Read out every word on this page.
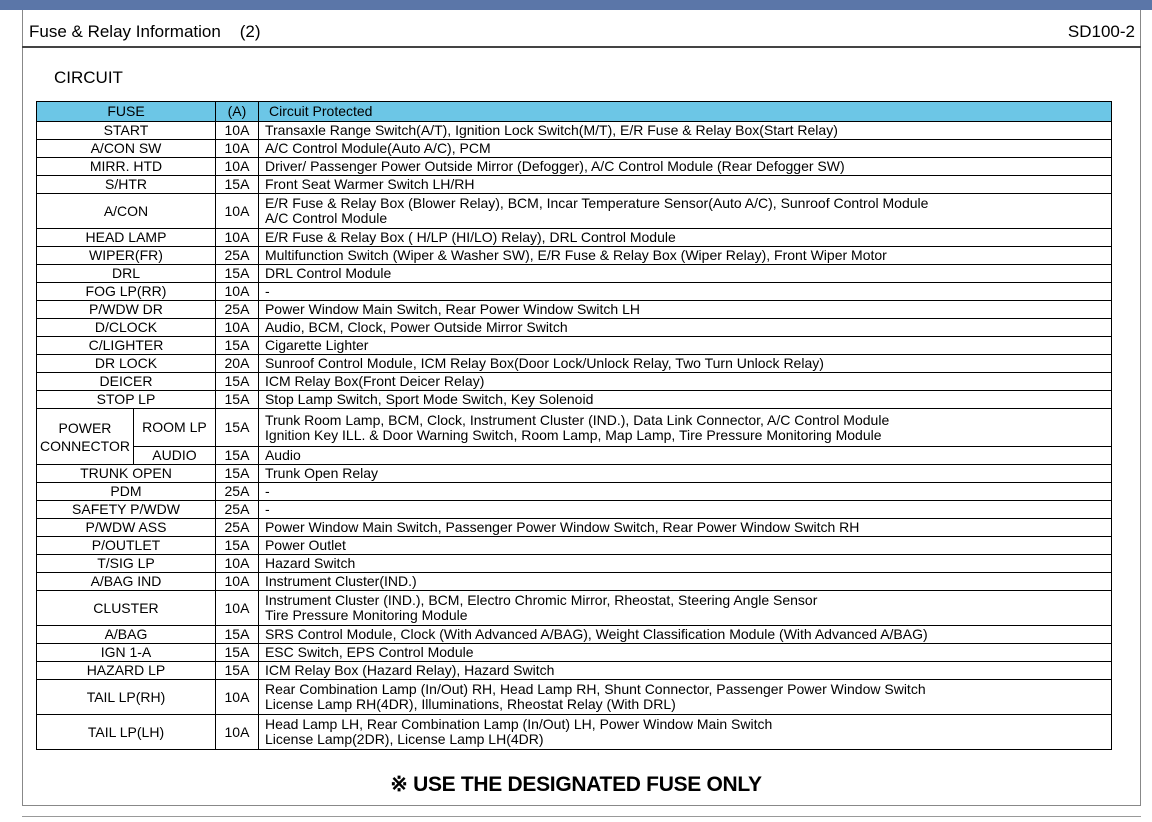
Fuse & Relay Information    (2)	SD100-2
CIRCUIT
FUSE		(A)	Circuit Protected
START		10A	Transaxle Range Switch(A/T), Ignition Lock Switch(M/T), E/R Fuse & Relay Box(Start Relay)
A/CON SW		10A	A/C Control Module(Auto A/C), PCM
MIRR. HTD		10A	Driver/ Passenger Power Outside Mirror (Defogger), A/C Control Module (Rear Defogger SW)
S/HTR		15A	Front Seat Warmer Switch LH/RH
A/CON		10A	E/R Fuse & Relay Box (Blower Relay), BCM, Incar Temperature Sensor(Auto A/C), Sunroof Control Module
A/C Control Module
HEAD LAMP		10A	E/R Fuse & Relay Box ( H/LP (HI/LO) Relay), DRL Control Module
WIPER(FR)		25A	Multifunction Switch (Wiper & Washer SW), E/R Fuse & Relay Box (Wiper Relay), Front Wiper Motor
DRL		15A	DRL Control Module
FOG LP(RR)		10A	-
P/WDW DR		25A	Power Window Main Switch, Rear Power Window Switch LH
D/CLOCK		10A	Audio, BCM, Clock, Power Outside Mirror Switch
C/LIGHTER		15A	Cigarette Lighter
DR LOCK		20A	Sunroof Control Module, ICM Relay Box(Door Lock/Unlock Relay, Two Turn Unlock Relay)
DEICER		15A	ICM Relay Box(Front Deicer Relay)
STOP LP		15A	Stop Lamp Switch, Sport Mode Switch, Key Solenoid
POWER
CONNECTOR	ROOM LP	15A	Trunk Room Lamp, BCM, Clock, Instrument Cluster (IND.), Data Link Connector, A/C Control Module
Ignition Key ILL. & Door Warning Switch, Room Lamp, Map Lamp, Tire Pressure Monitoring Module
	AUDIO	15A	Audio
TRUNK OPEN		15A	Trunk Open Relay
PDM		25A	-
SAFETY P/WDW		25A	-
P/WDW ASS		25A	Power Window Main Switch, Passenger Power Window Switch, Rear Power Window Switch RH
P/OUTLET		15A	Power Outlet
T/SIG LP		10A	Hazard Switch
A/BAG IND		10A	Instrument Cluster(IND.)
CLUSTER		10A	Instrument Cluster (IND.), BCM, Electro Chromic Mirror, Rheostat, Steering Angle Sensor
Tire Pressure Monitoring Module
A/BAG		15A	SRS Control Module, Clock (With Advanced A/BAG), Weight Classification Module (With Advanced A/BAG)
IGN 1-A		15A	ESC Switch, EPS Control Module
HAZARD LP		15A	ICM Relay Box (Hazard Relay), Hazard Switch
TAIL LP(RH)		10A	Rear Combination Lamp (In/Out) RH, Head Lamp RH, Shunt Connector, Passenger Power Window Switch
License Lamp RH(4DR), Illuminations, Rheostat Relay (With DRL)
TAIL LP(LH)		10A	Head Lamp LH, Rear Combination Lamp (In/Out) LH, Power Window Main Switch
License Lamp(2DR), License Lamp LH(4DR)
※ USE THE DESIGNATED FUSE ONLY
